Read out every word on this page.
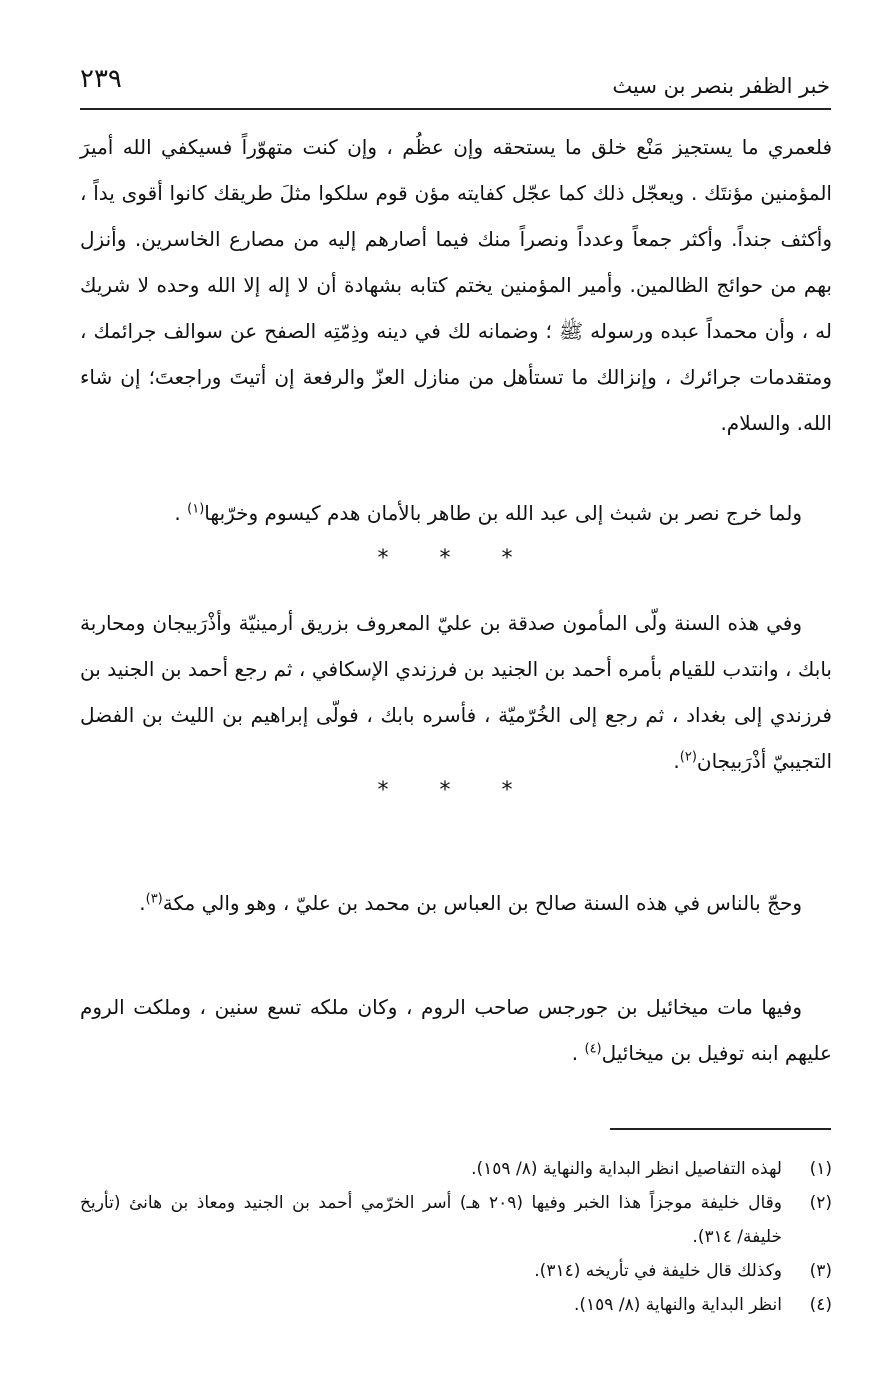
خبر الظفر بنصر بن سيث
٢٣٩

فلعمري ما يستجيز مَنْع خلق ما يستحقه وإن عظُم ، وإن كنت متهوّراً فسيكفي الله أميرَ المؤمنين مؤنتَك . ويعجّل ذلك كما عجّل كفايته مؤن قوم سلكوا مثلَ طريقك كانوا أقوى يداً ، وأكثف جنداً. وأكثر جمعاً وعدداً ونصراً منك فيما أصارهم إليه من مصارع الخاسرين. وأنزل بهم من حوائج الظالمين. وأمير المؤمنين يختم كتابه بشهادة أن لا إله إلا الله وحده لا شريك له ، وأن محمداً عبده ورسوله ﷺ ؛ وضمانه لك في دينه وذِمّتِه الصفح عن سوالف جرائمك ، ومتقدمات جرائرك ، وإنزالك ما تستأهل من منازل العزّ والرفعة إن أتيتَ وراجعتَ؛ إن شاء الله. والسلام.

ولما خرج نصر بن شبث إلى عبد الله بن طاهر بالأمان هدم كيسوم وخرّبها$^{(١)}$ .

* * *

وفي هذه السنة ولّى المأمون صدقة بن عليّ المعروف بزريق أرمينيّة وأذْرَبيجان ومحاربة بابك ، وانتدب للقيام بأمره أحمد بن الجنيد بن فرزندي الإسكافي ، ثم رجع أحمد بن الجنيد بن فرزندي إلى بغداد ، ثم رجع إلى الخُرّميّة ، فأسره بابك ، فولّى إبراهيم بن الليث بن الفضل التجيبيّ أذْرَبيجان$^{(٢)}$.

* * *

وحجّ بالناس في هذه السنة صالح بن العباس بن محمد بن عليّ ، وهو والي مكة$^{(٣)}$.

وفيها مات ميخائيل بن جورجس صاحب الروم ، وكان ملكه تسع سنين ، وملكت الروم عليهم ابنه توفيل بن ميخائيل$^{(٤)}$ .

(١)
لهذه التفاصيل انظر البداية والنهاية (٨/ ١٥٩).
(٢)
وقال خليفة موجزاً هذا الخبر وفيها (٢٠٩ هـ) أسر الخرّمي أحمد بن الجنيد ومعاذ بن هانئ (تأريخ خليفة/ ٣١٤).
(٣)
وكذلك قال خليفة في تأريخه (٣١٤).
(٤)
انظر البداية والنهاية (٨/ ١٥٩).
